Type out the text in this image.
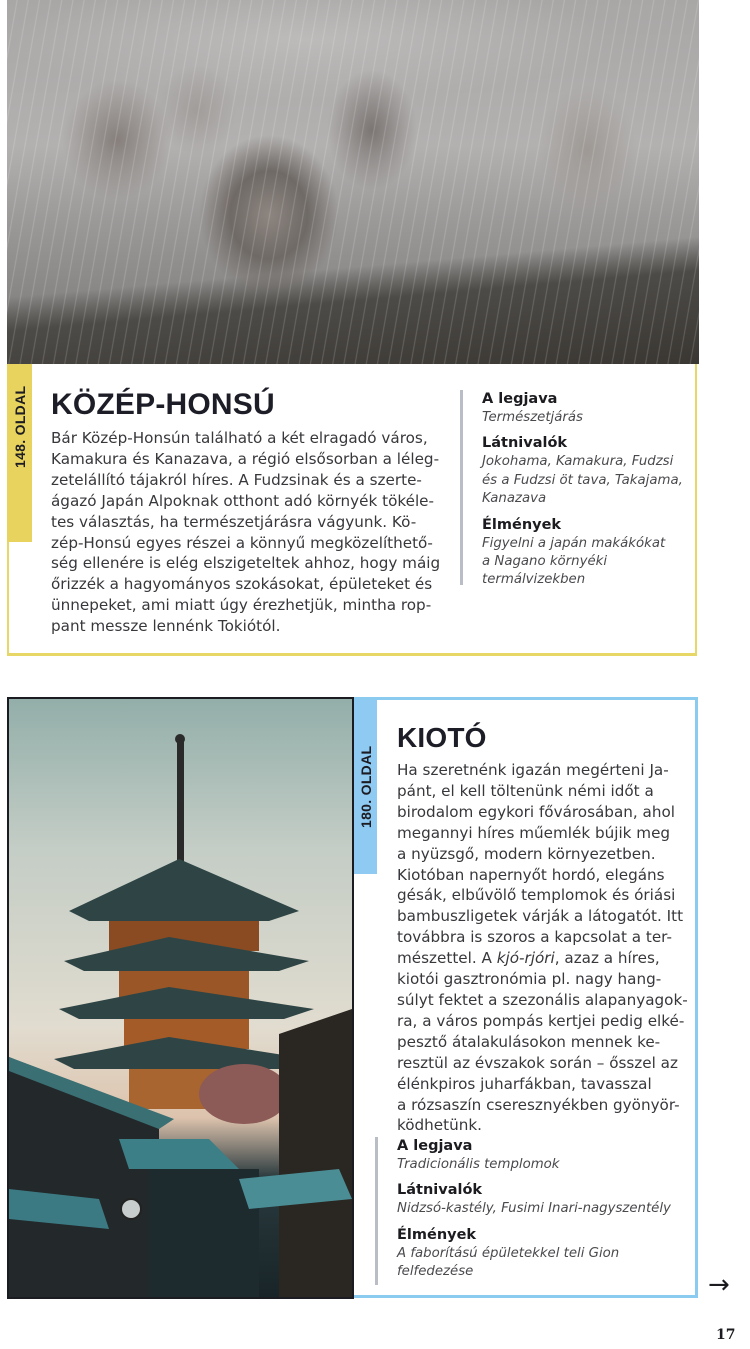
148. OLDAL KÖZÉP-HONSÚ
Bár Közép-Honsún található a két elragadó város,
Kamakura és Kanazava, a régió elsősorban a léleg-
zetelállító tájakról híres. A Fudzsinak és a szerte-
ágazó Japán Alpoknak otthont adó környék tökéle-
tes választás, ha természetjárásra vágyunk. Kö-
zép-Honsú egyes részei a könnyű megközelíthető-
ség ellenére is elég elszigeteltek ahhoz, hogy máig
őrizzék a hagyományos szokásokat, épületeket és
ünnepeket, ami miatt úgy érezhetjük, mintha rop-
pant messze lennénk Tokiótól.
A legjava
Természetjárás
Látnivalók
Jokohama, Kamakura, Fudzsi
és a Fudzsi öt tava, Takajama,
Kanazava
Élmények
Figyelni a japán makákókat
a Nagano környéki
termálvizekben
180. OLDAL
KIOTÓ
Ha szeretnénk igazán megérteni Ja-
pánt, el kell töltenünk némi időt a
birodalom egykori fővárosában, ahol
megannyi híres műemlék bújik meg
a nyüzsgő, modern környezetben.
Kiotóban napernyőt hordó, elegáns
gésák, elbűvölő templomok és óriási
bambuszligetek várják a látogatót. Itt
továbbra is szoros a kapcsolat a ter-
mészettel. A kjó-rjóri, azaz a híres,
kiotói gasztronómia pl. nagy hang-
súlyt fektet a szezonális alapanyagok-
ra, a város pompás kertjei pedig elké-
pesztő átalakulásokon mennek ke-
resztül az évszakok során – ősszel az
élénkpiros juharfákban, tavasszal
a rózsaszín cseresznyékben gyönyör-
ködhetünk.
A legjava
Tradicionális templomok
Látnivalók
Nidzsó-kastély, Fusimi Inari-nagyszentély
Élmények
A faborítású épületekkel teli Gion
felfedezése	→
17
